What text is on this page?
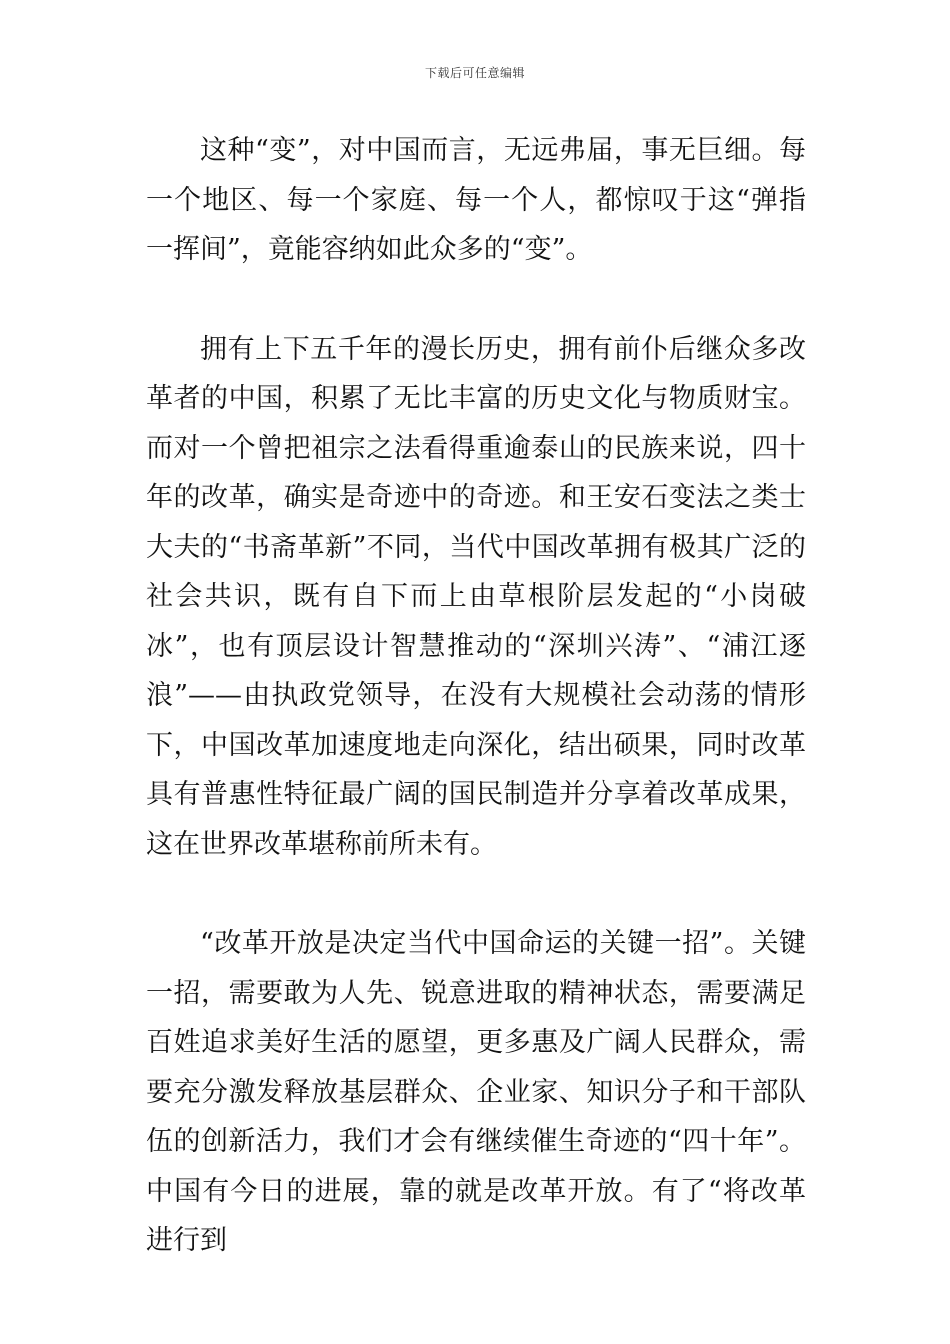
下载后可任意编辑

这种“变”，对中国而言，无远弗届，事无巨细。每一个地区、每一个家庭、每一个人，都惊叹于这“弹指一挥间”，竟能容纳如此众多的“变”。

拥有上下五千年的漫长历史，拥有前仆后继众多改革者的中国，积累了无比丰富的历史文化与物质财宝。而对一个曾把祖宗之法看得重逾泰山的民族来说，四十年的改革，确实是奇迹中的奇迹。和王安石变法之类士大夫的“书斋革新”不同，当代中国改革拥有极其广泛的社会共识，既有自下而上由草根阶层发起的“小岗破冰”，也有顶层设计智慧推动的“深圳兴涛”、“浦江逐浪”——由执政党领导，在没有大规模社会动荡的情形下，中国改革加速度地走向深化，结出硕果，同时改革具有普惠性特征最广阔的国民制造并分享着改革成果，这在世界改革堪称前所未有。

“改革开放是决定当代中国命运的关键一招”。关键一招，需要敢为人先、锐意进取的精神状态，需要满足百姓追求美好生活的愿望，更多惠及广阔人民群众，需要充分激发释放基层群众、企业家、知识分子和干部队伍的创新活力，我们才会有继续催生奇迹的“四十年”。中国有今日的进展，靠的就是改革开放。有了“将改革进行到
